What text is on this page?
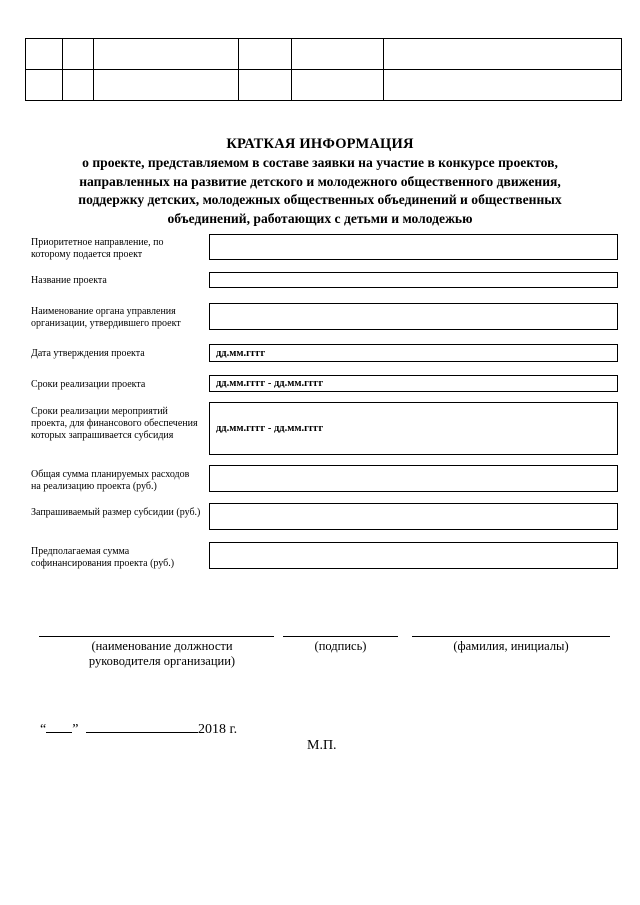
КРАТКАЯ ИНФОРМАЦИЯ
о проекте, представляемом в составе заявки на участие в конкурсе проектов,
направленных на развитие детского и молодежного общественного движения,
поддержку детских, молодежных общественных объединений и общественных
объединений, работающих с детьми и молодежью
Приоритетное направление, по которому подается проект
Название проекта
Наименование органа управления организации, утвердившего проект
Дата утверждения проекта	дд.мм.гггг
Сроки реализации проекта	дд.мм.гггг - дд.мм.гггг
Сроки реализации мероприятий проекта, для финансового обеспечения которых запрашивается субсидия
дд.мм.гггг - дд.мм.гггг
Общая сумма планируемых расходов на реализацию проекта (руб.)
Запрашиваемый размер субсидии (руб.)
Предполагаемая сумма софинансирования проекта (руб.)
(наименование должности руководителя организации)
(подпись)	(фамилия, инициалы)
“ ”	2018 г.
М.П.
